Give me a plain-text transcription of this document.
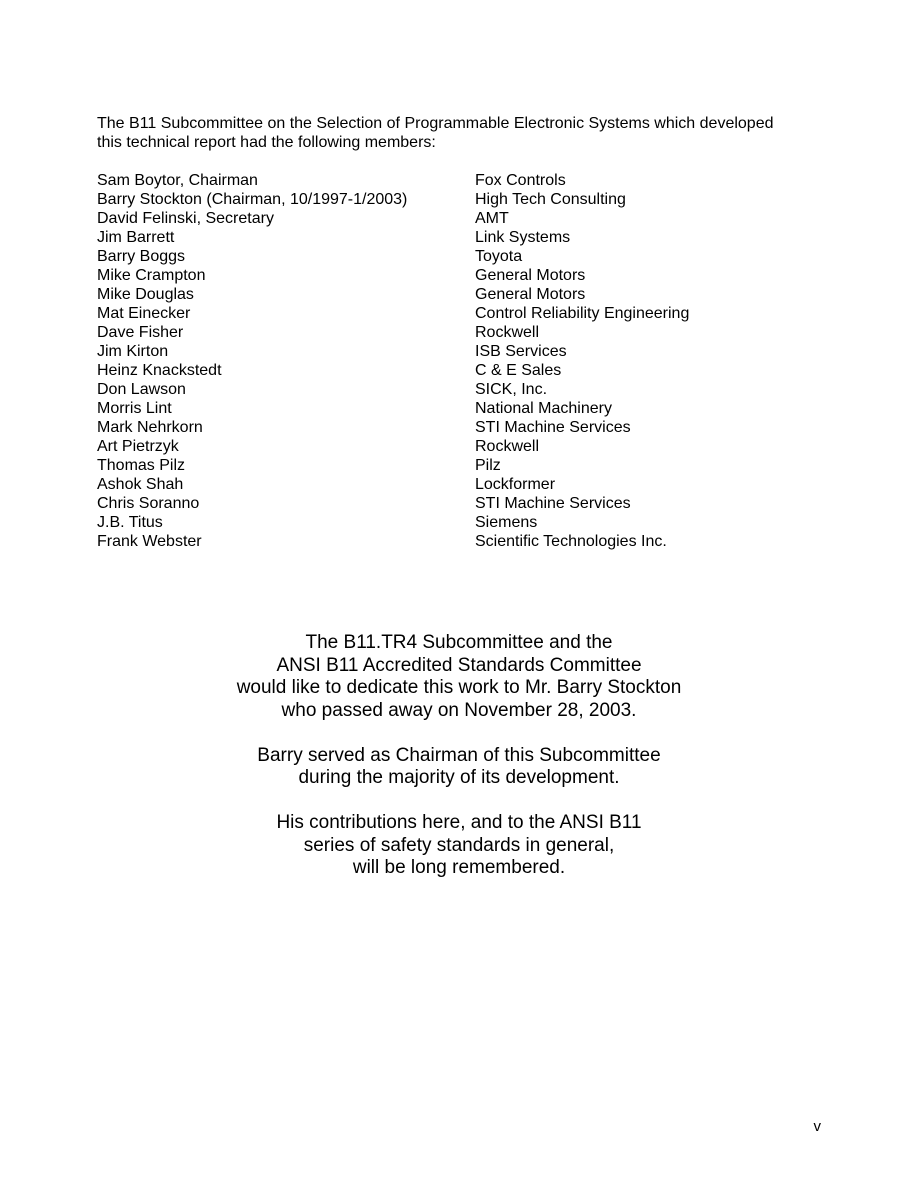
The B11 Subcommittee on the Selection of Programmable Electronic Systems which developed
this technical report had the following members:
Sam Boytor, Chairman	Fox Controls
Barry Stockton (Chairman, 10/1997-1/2003)	High Tech Consulting
David Felinski, Secretary	AMT
Jim Barrett	Link Systems
Barry Boggs	Toyota
Mike Crampton	General Motors
Mike Douglas	General Motors
Mat Einecker	Control Reliability Engineering
Dave Fisher	Rockwell
Jim Kirton	ISB Services
Heinz Knackstedt	C & E Sales
Don Lawson	SICK, Inc.
Morris Lint	National Machinery
Mark Nehrkorn	STI Machine Services
Art Pietrzyk	Rockwell
Thomas Pilz	Pilz
Ashok Shah	Lockformer
Chris Soranno	STI Machine Services
J.B. Titus	Siemens
Frank Webster	Scientific Technologies Inc.
The B11.TR4 Subcommittee and the
ANSI B11 Accredited Standards Committee
would like to dedicate this work to Mr. Barry Stockton
who passed away on November 28, 2003.
Barry served as Chairman of this Subcommittee
during the majority of its development.
His contributions here, and to the ANSI B11
series of safety standards in general,
will be long remembered.
v
